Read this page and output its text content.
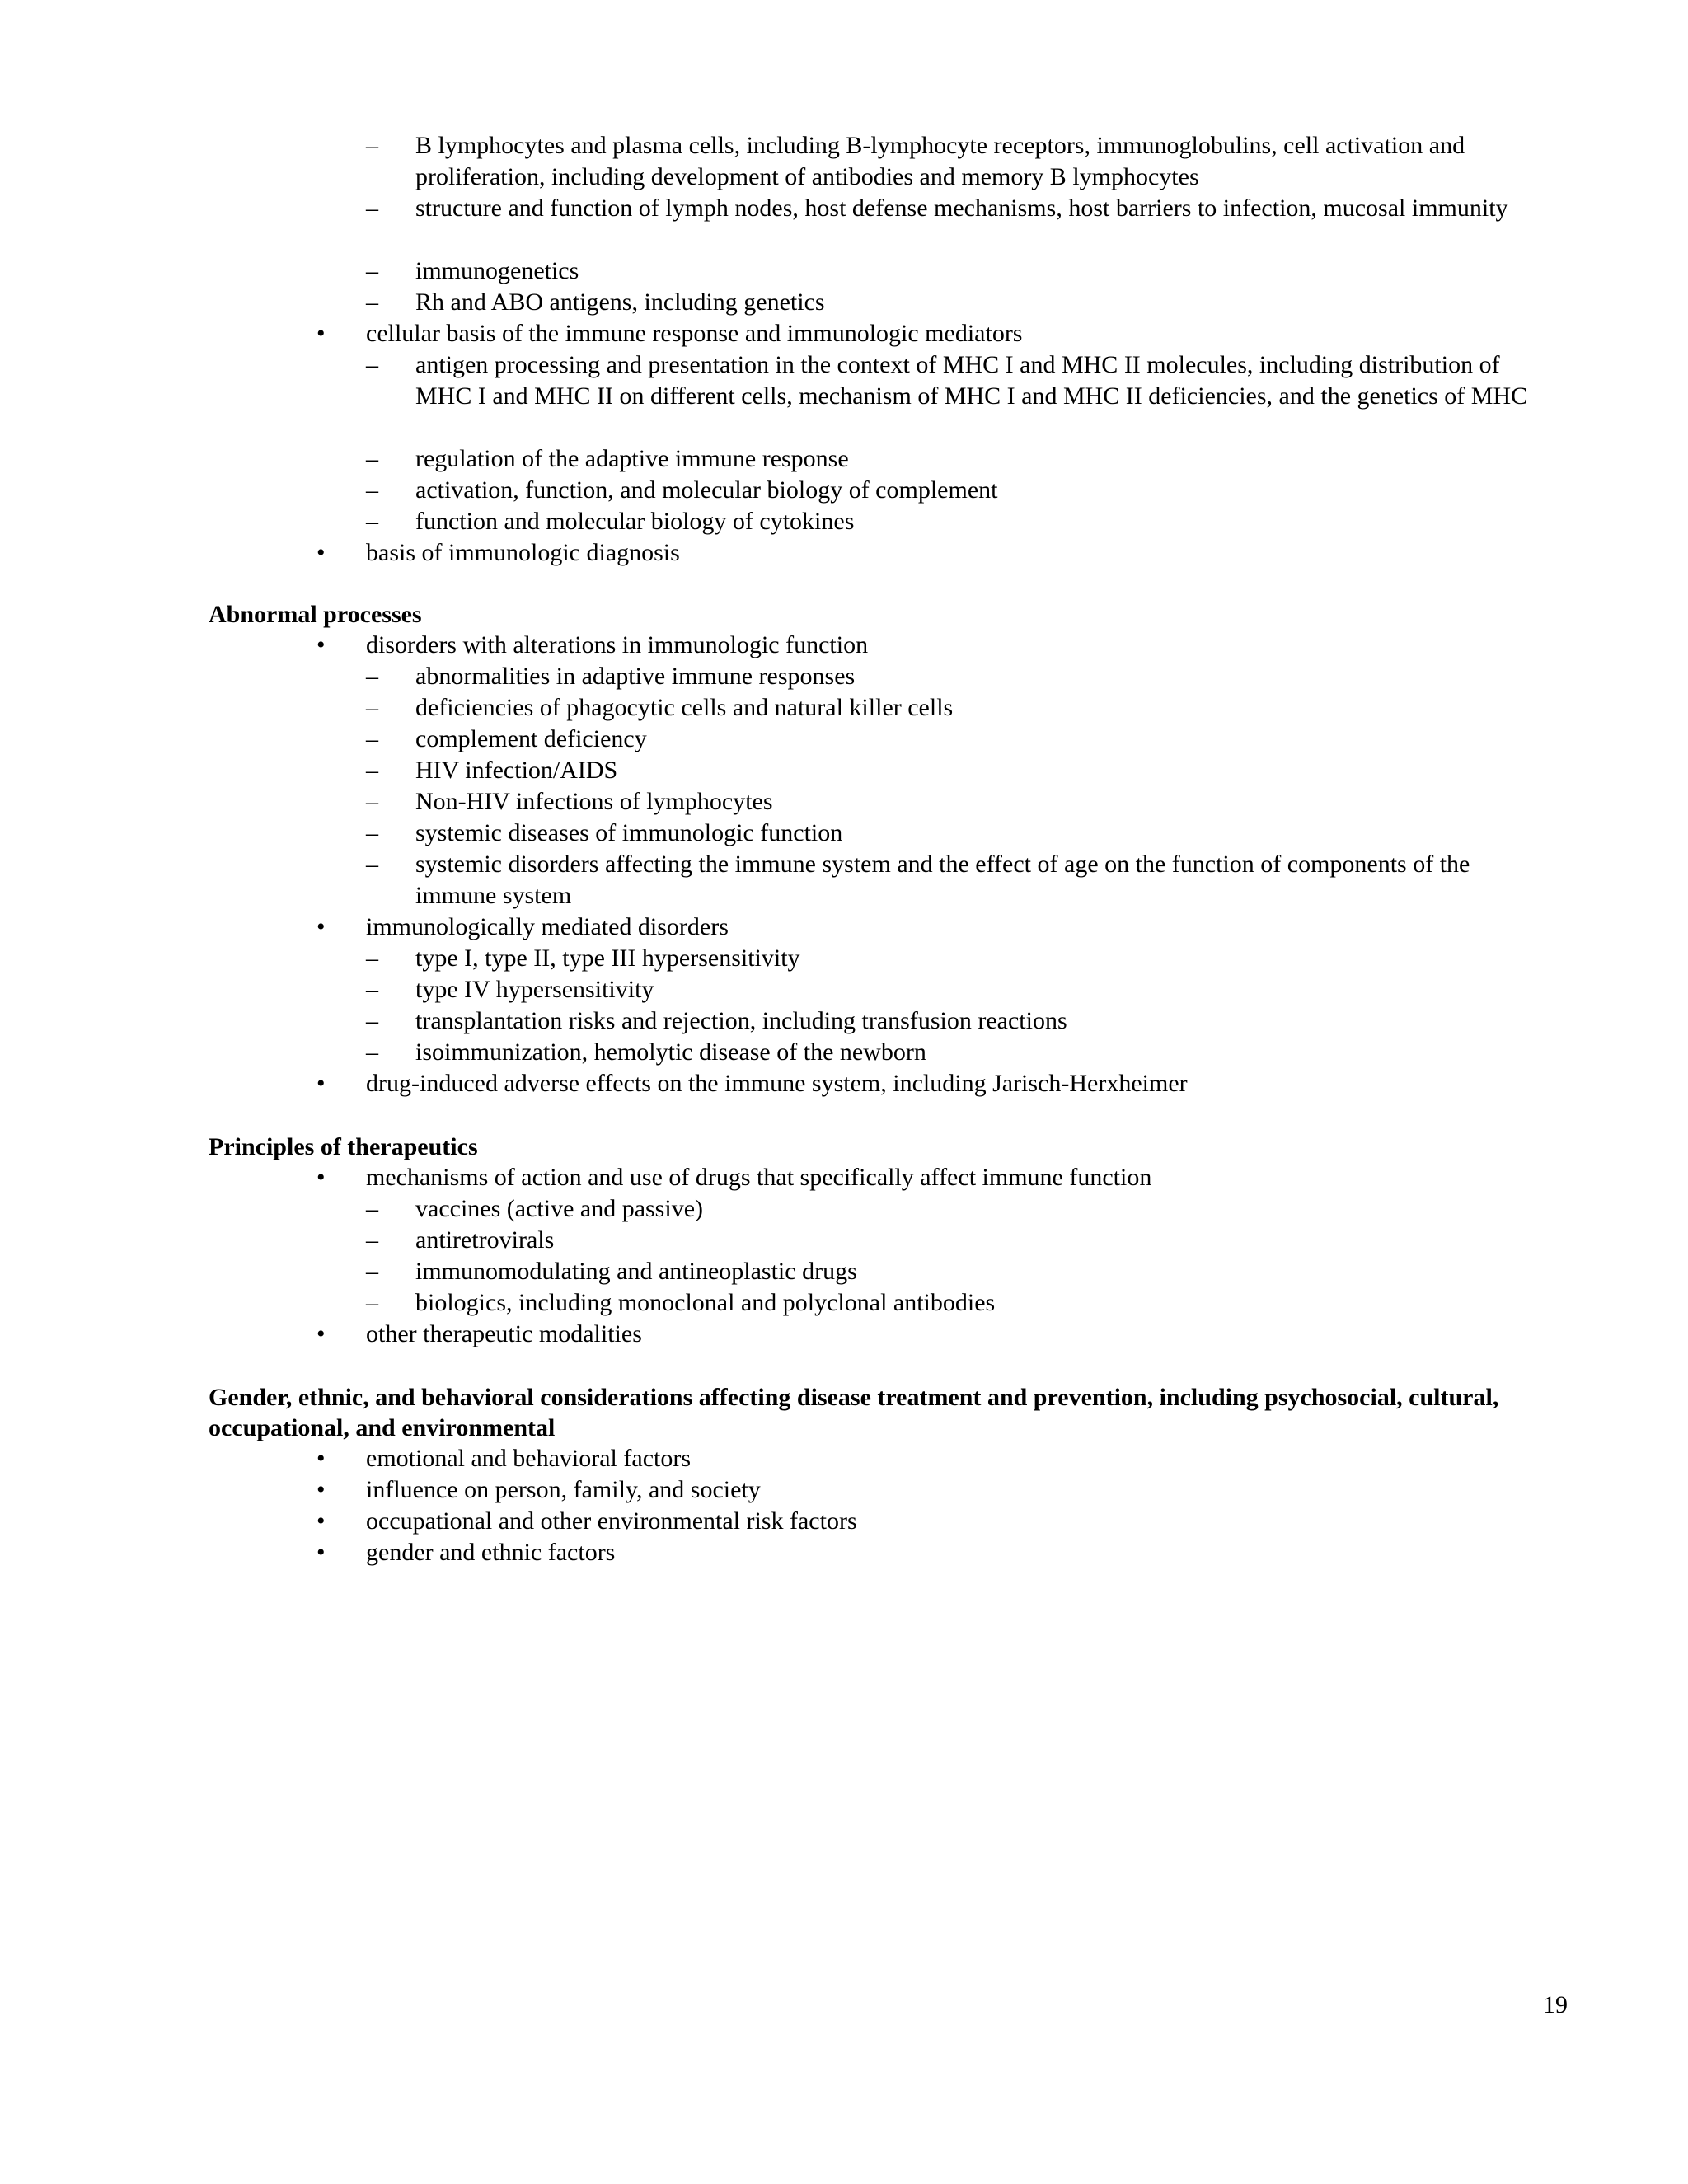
– B lymphocytes and plasma cells, including B-lymphocyte receptors, immunoglobulins, cell activation and proliferation, including development of antibodies and memory B lymphocytes
– structure and function of lymph nodes, host defense mechanisms, host barriers to infection, mucosal immunity
– immunogenetics
– Rh and ABO antigens, including genetics
• cellular basis of the immune response and immunologic mediators
– antigen processing and presentation in the context of MHC I and MHC II molecules, including distribution of MHC I and MHC II on different cells, mechanism of MHC I and MHC II deficiencies, and the genetics of MHC
– regulation of the adaptive immune response
– activation, function, and molecular biology of complement
– function and molecular biology of cytokines
• basis of immunologic diagnosis
Abnormal processes
• disorders with alterations in immunologic function
– abnormalities in adaptive immune responses
– deficiencies of phagocytic cells and natural killer cells
– complement deficiency
– HIV infection/AIDS
– Non-HIV infections of lymphocytes
– systemic diseases of immunologic function
– systemic disorders affecting the immune system and the effect of age on the function of components of the immune system
• immunologically mediated disorders
– type I, type II, type III hypersensitivity
– type IV hypersensitivity
– transplantation risks and rejection, including transfusion reactions
– isoimmunization, hemolytic disease of the newborn
• drug-induced adverse effects on the immune system, including Jarisch-Herxheimer
Principles of therapeutics
• mechanisms of action and use of drugs that specifically affect immune function
– vaccines (active and passive)
– antiretrovirals
– immunomodulating and antineoplastic drugs
– biologics, including monoclonal and polyclonal antibodies
• other therapeutic modalities
Gender, ethnic, and behavioral considerations affecting disease treatment and prevention, including psychosocial, cultural, occupational, and environmental
• emotional and behavioral factors
• influence on person, family, and society
• occupational and other environmental risk factors
• gender and ethnic factors
19
